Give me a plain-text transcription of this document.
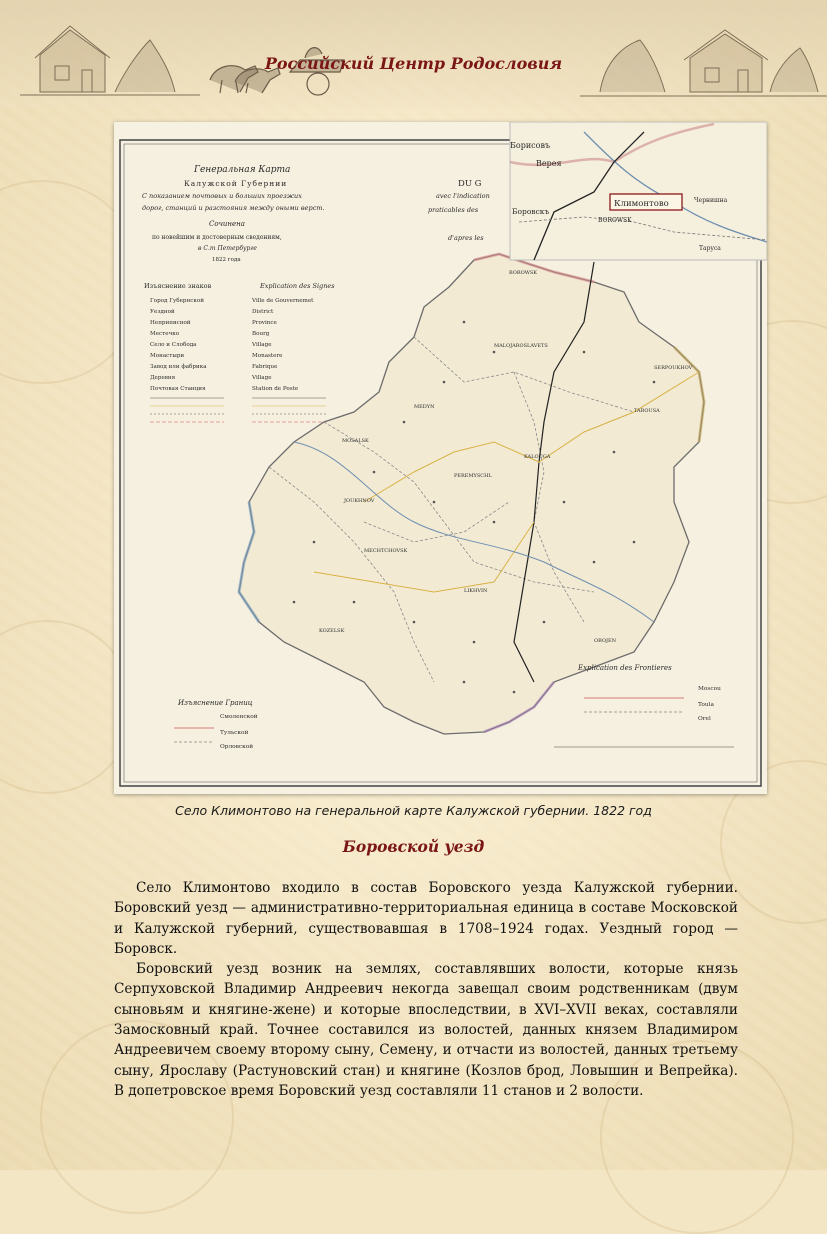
Российский Центр Родословия
KALOUGA
SERPOUKHOV
BOROWSK
MALOJAROSLAVETS
MEDYN
MOSALSK
KOZELSK
PEREMYSCHL
LIKHVIN
TAROUSA
JOUKHNOV
MECHTCHOVSK
OBOJEN
Генеральная Карта
Калужской Губернии
С показанием почтовых и больших проезжих
дорог, станций и разстояния между оными верст.
Сочинена
по новейшим и достоверным сведениям,
в С.т Петербурге
1822 года
DU G
avec l'indication
praticables des
d'apres les
Изъяснение знаков	Explication des Signes
Город Губернской
Уездной
Неприписной
Местечко
Село и Слобода
Монастыри
Завод или фабрика
Деревня
Почтовая Станция
Ville de Gouvernemet
District
Province
Bourg
Village
Monastere
Fabrique
Village
Station de Poste
Изъяснение Границ
Смоленской
Тульской
Орловской
Explication des Frontieres
Moscou
Toula
Orel
Борисовъ
Верея
Боровскъ
BOROWSK
Чернишна
Таруса
Климонтово
Село Климонтово на генеральной карте Калужской губернии. 1822 год
Боровской уезд

Село Климонтово входило в состав Боровского уезда Калужской губернии. Боровский уезд — административно-территориальная единица в составе Московской и Калужской губерний, существовавшая в 1708–1924 годах. Уездный город — Боровск.

Боровский уезд возник на землях, составлявших волости, которые князь Серпуховской Владимир Андреевич некогда завещал своим родственникам (двум сыновьям и княгине-жене) и которые впоследствии, в XVI–XVII веках, составляли Замосковный край. Точнее составился из волостей, данных князем Владимиром Андреевичем своему второму сыну, Семену, и отчасти из волостей, данных третьему сыну, Ярославу (Растуновский стан) и княгине (Козлов брод, Ловышин и Вепрейка). В допетровское время Боровский уезд составляли 11 станов и 2 волости.
